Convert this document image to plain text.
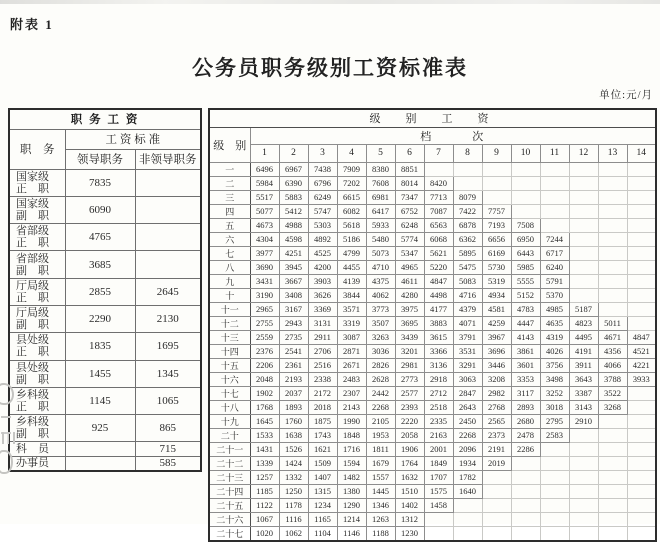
附表 1
公务员职务级别工资标准表
单位:元/月
职 务 工 资		
职　务	工 资 标 准	
	领导职务	非领导职务

国家级
正　职	7835	

国家级
副　职	6090	

省部级
正　职	4765	

省部级
副　职	3685	

厅局级
正　职	2855	2645

厅局级
副　职	2290	2130

县处级
正　职	1835	1695

县处级
副　职	1455	1345

乡科级
正　职	1145	1065

乡科级
副　职	925	865

科　员		715

办事员		585
级　别　工　资														
级　别	档　　　次													
	1	2	3	4	5	6	7	8	9	10	11	12	13	14
一	6496	6967	7438	7909	8380	8851								
二	5984	6390	6796	7202	7608	8014	8420							
三	5517	5883	6249	6615	6981	7347	7713	8079						
四	5077	5412	5747	6082	6417	6752	7087	7422	7757					
五	4673	4988	5303	5618	5933	6248	6563	6878	7193	7508				
六	4304	4598	4892	5186	5480	5774	6068	6362	6656	6950	7244			
七	3977	4251	4525	4799	5073	5347	5621	5895	6169	6443	6717			
八	3690	3945	4200	4455	4710	4965	5220	5475	5730	5985	6240			
九	3431	3667	3903	4139	4375	4611	4847	5083	5319	5555	5791			
十	3190	3408	3626	3844	4062	4280	4498	4716	4934	5152	5370			
十一	2965	3167	3369	3571	3773	3975	4177	4379	4581	4783	4985	5187		
十二	2755	2943	3131	3319	3507	3695	3883	4071	4259	4447	4635	4823	5011	
十三	2559	2735	2911	3087	3263	3439	3615	3791	3967	4143	4319	4495	4671	4847
十四	2376	2541	2706	2871	3036	3201	3366	3531	3696	3861	4026	4191	4356	4521
十五	2206	2361	2516	2671	2826	2981	3136	3291	3446	3601	3756	3911	4066	4221
十六	2048	2193	2338	2483	2628	2773	2918	3063	3208	3353	3498	3643	3788	3933
十七	1902	2037	2172	2307	2442	2577	2712	2847	2982	3117	3252	3387	3522	
十八	1768	1893	2018	2143	2268	2393	2518	2643	2768	2893	3018	3143	3268	
十九	1645	1760	1875	1990	2105	2220	2335	2450	2565	2680	2795	2910		
二十	1533	1638	1743	1848	1953	2058	2163	2268	2373	2478	2583			
二十一	1431	1526	1621	1716	1811	1906	2001	2096	2191	2286				
二十二	1339	1424	1509	1594	1679	1764	1849	1934	2019					
二十三	1257	1332	1407	1482	1557	1632	1707	1782						
二十四	1185	1250	1315	1380	1445	1510	1575	1640						
二十五	1122	1178	1234	1290	1346	1402	1458							
二十六	1067	1116	1165	1214	1263	1312								
二十七	1020	1062	1104	1146	1188	1230								
